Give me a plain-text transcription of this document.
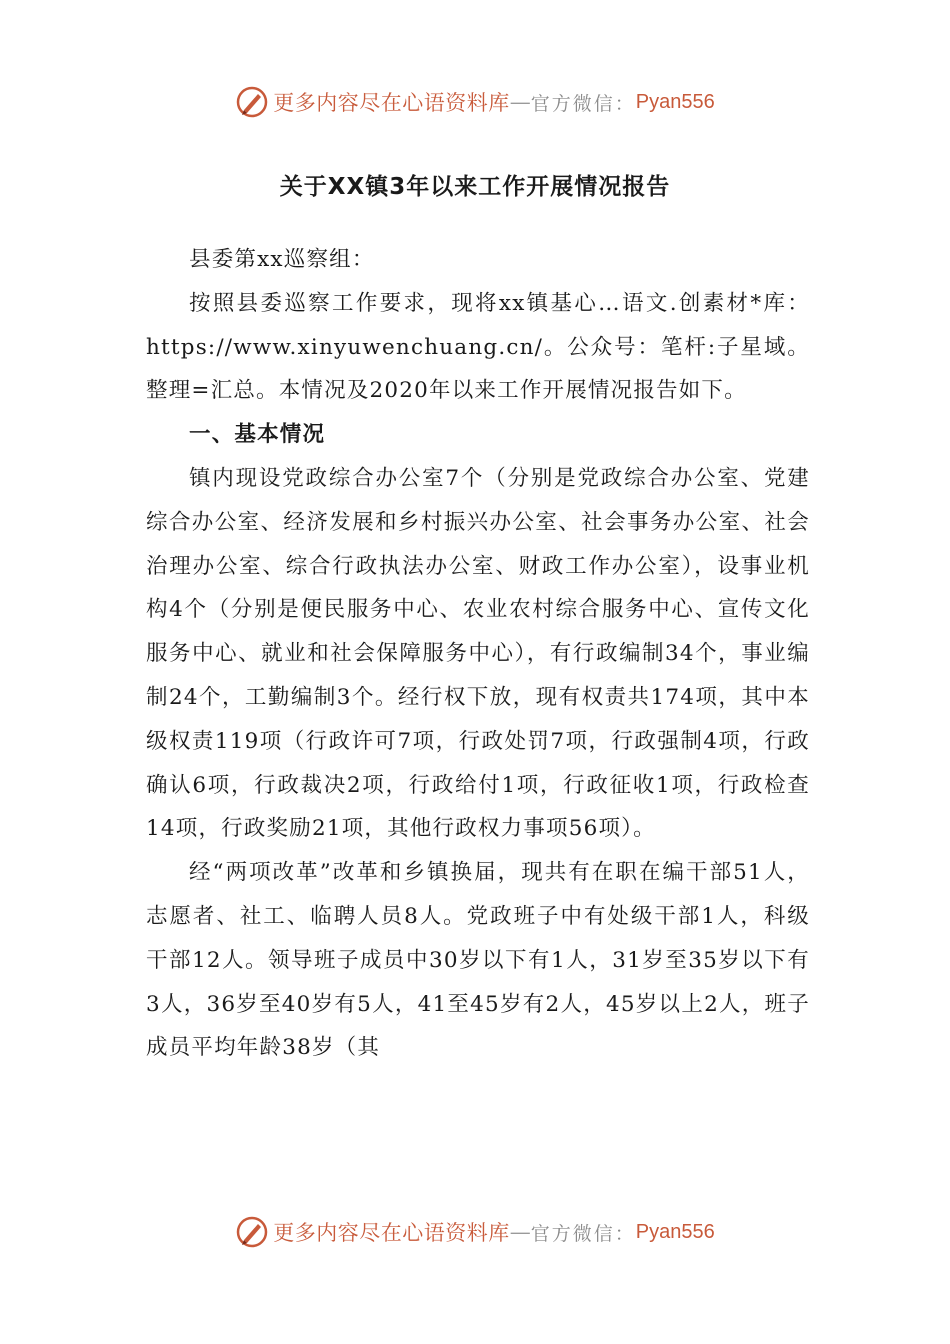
更多内容尽在心语资料库 — 官方微信： Pyan556
关于XX镇3年以来工作开展情况报告

县委第xx巡察组：

按照县委巡察工作要求，现将xx镇基心…语文.创素材*库：https://www.xinyuwenchuang.cn/。公众号：笔杆:子星域。整理=汇总。本情况及2020年以来工作开展情况报告如下。

一、基本情况

镇内现设党政综合办公室7个（分别是党政综合办公室、党建综合办公室、经济发展和乡村振兴办公室、社会事务办公室、社会治理办公室、综合行政执法办公室、财政工作办公室），设事业机构4个（分别是便民服务中心、农业农村综合服务中心、宣传文化服务中心、就业和社会保障服务中心），有行政编制34个，事业编制24个，工勤编制3个。经行权下放，现有权责共174项，其中本级权责119项（行政许可7项，行政处罚7项，行政强制4项，行政确认6项，行政裁决2项，行政给付1项，行政征收1项，行政检查14项，行政奖励21项，其他行政权力事项56项）。

经“两项改革”改革和乡镇换届，现共有在职在编干部51人，志愿者、社工、临聘人员8人。党政班子中有处级干部1人，科级干部12人。领导班子成员中30岁以下有1人，31岁至35岁以下有3人，36岁至40岁有5人，41至45岁有2人，45岁以上2人，班子成员平均年龄38岁（其

更多内容尽在心语资料库 — 官方微信： Pyan556
